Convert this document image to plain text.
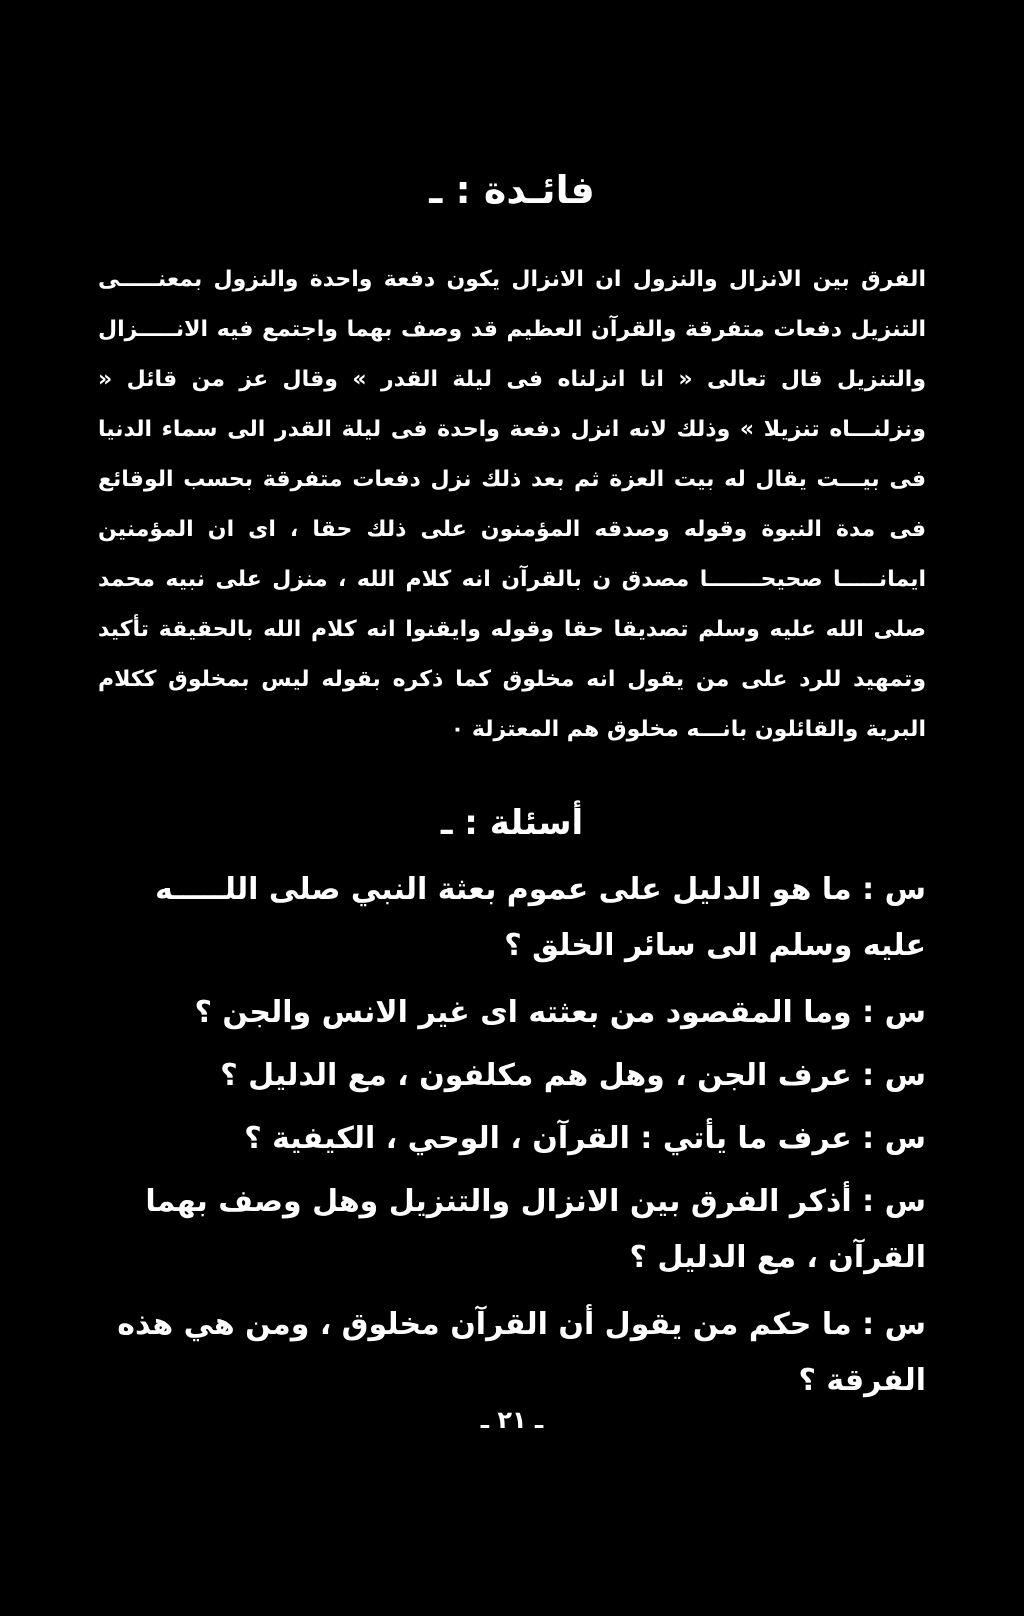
فائـدة : ـ

الفرق بين الانزال والنزول ان الانزال يكون دفعة واحدة والنزول بمعنـــــى التنزيل دفعات متفرقة والقرآن العظيم قد وصف بهما واجتمع فيه الانـــــزال والتنزيل قال تعالى « انا انزلناه فى ليلة القدر » وقال عز من قائل « ونزلنـــاه تنزيلا » وذلك لانه انزل دفعة واحدة فى ليلة القدر الى سماء الدنيا فى بيـــت يقال له بيت العزة ثم بعد ذلك نزل دفعات متفرقة بحسب الوقائع فى مدة النبوة وقوله وصدقه المؤمنون على ذلك حقا ، اى ان المؤمنين ايمانـــــا صحيحـــــــا مصدق ن بالقرآن انه كلام الله ، منزل على نبيه محمد صلى الله عليه وسلم تصديقا حقا وقوله وايقنوا انه كلام الله بالحقيقة تأكيد وتمهيد للرد على من يقول انه مخلوق كما ذكره بقوله ليس بمخلوق ككلام البرية والقائلون بانـــه مخلوق هم المعتزلة ٠

أسئلة : ـ

س : ما هو الدليل على عموم بعثة النبي صلى اللـــــه عليه وسلم الى سائر الخلق ؟

س : وما المقصود من بعثته اى غير الانس والجن ؟

س : عرف الجن ، وهل هم مكلفون ، مع الدليل ؟

س : عرف ما يأتي : القرآن ، الوحي ، الكيفية ؟

س : أذكر الفرق بين الانزال والتنزيل وهل وصف بهما القرآن ، مع الدليل ؟

س : ما حكم من يقول أن القرآن مخلوق ، ومن هي هذه الفرقة ؟

ـ ٢١ ـ
